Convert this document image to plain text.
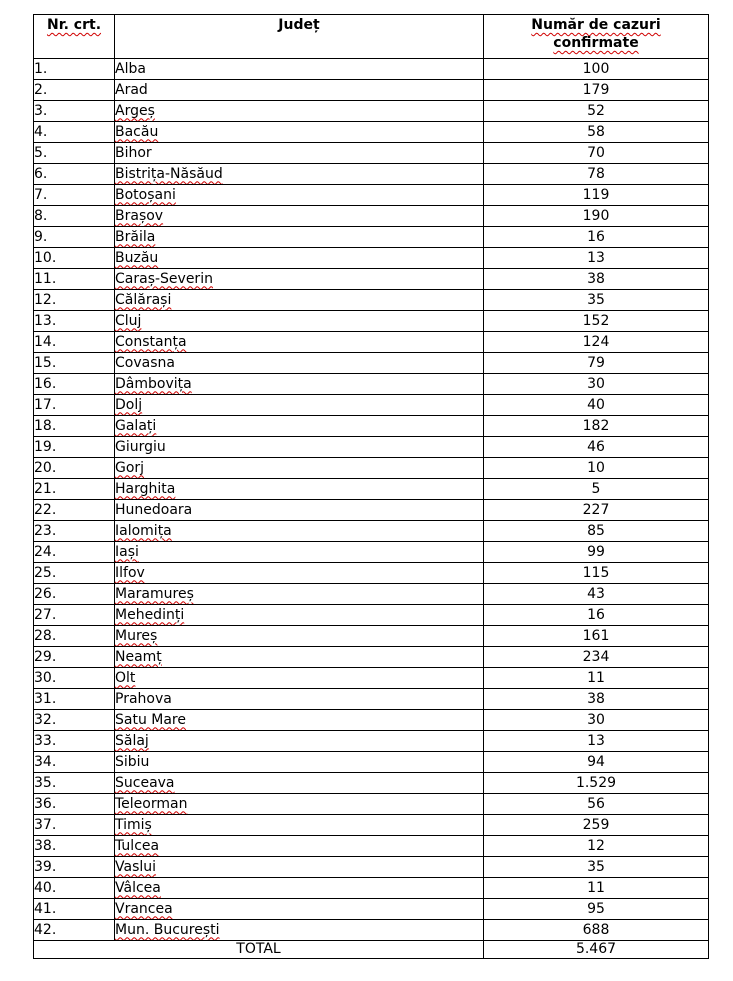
Nr. crt.	Județ	Număr de cazuri confirmate
1.	Alba	100
2.	Arad	179
3.	Argeș	52
4.	Bacău	58
5.	Bihor	70
6.	Bistrița-Năsăud	78
7.	Botoșani	119
8.	Brașov	190
9.	Brăila	16
10.	Buzău	13
11.	Caraș-Severin	38
12.	Călărași	35
13.	Cluj	152
14.	Constanța	124
15.	Covasna	79
16.	Dâmbovița	30
17.	Dolj	40
18.	Galați	182
19.	Giurgiu	46
20.	Gorj	10
21.	Harghita	5
22.	Hunedoara	227
23.	Ialomița	85
24.	Iași	99
25.	Ilfov	115
26.	Maramureș	43
27.	Mehedinți	16
28.	Mureș	161
29.	Neamț	234
30.	Olt	11
31.	Prahova	38
32.	Satu Mare	30
33.	Sălaj	13
34.	Sibiu	94
35.	Suceava	1.529
36.	Teleorman	56
37.	Timiș	259
38.	Tulcea	12
39.	Vaslui	35
40.	Vâlcea	11
41.	Vrancea	95
42.	Mun. București	688
TOTAL		5.467
